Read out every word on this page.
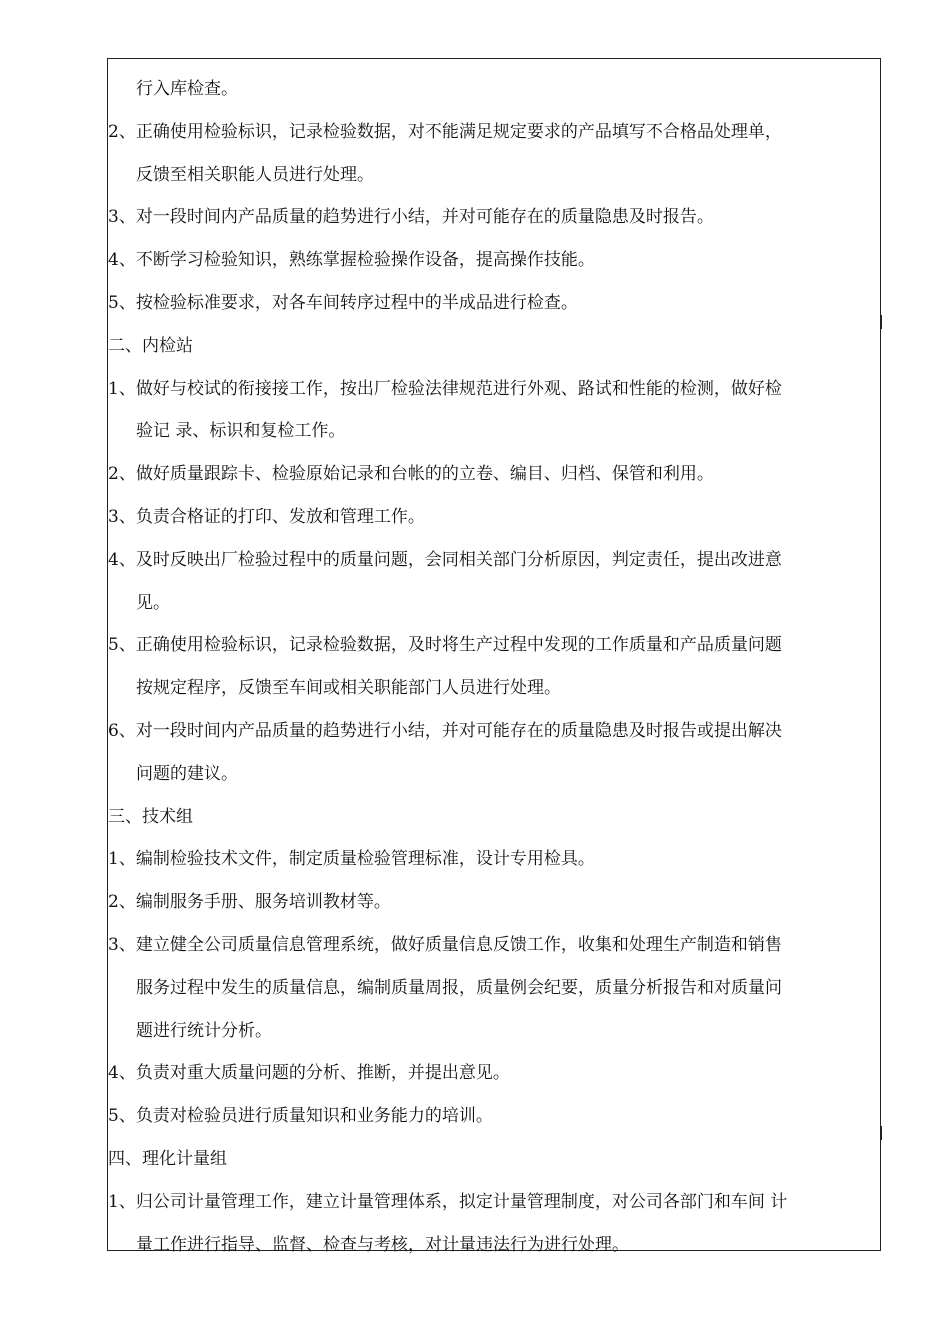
行入库检查。
2、正确使用检验标识，记录检验数据，对不能满足规定要求的产品填写不合格品处理单，
反馈至相关职能人员进行处理。
3、对一段时间内产品质量的趋势进行小结，并对可能存在的质量隐患及时报告。
4、不断学习检验知识，熟练掌握检验操作设备，提高操作技能。
5、按检验标准要求，对各车间转序过程中的半成品进行检查。
二、内检站
1、做好与校试的衔接接工作，按出厂检验法律规范进行外观、路试和性能的检测，做好检
验记 录、标识和复检工作。
2、做好质量跟踪卡、检验原始记录和台帐的的立卷、编目、归档、保管和利用。
3、负责合格证的打印、发放和管理工作。
4、及时反映出厂检验过程中的质量问题，会同相关部门分析原因，判定责任，提出改进意
见。
5、正确使用检验标识，记录检验数据，及时将生产过程中发现的工作质量和产品质量问题
按规定程序，反馈至车间或相关职能部门人员进行处理。
6、对一段时间内产品质量的趋势进行小结，并对可能存在的质量隐患及时报告或提出解决
问题的建议。
三、技术组
1、编制检验技术文件，制定质量检验管理标准，设计专用检具。
2、编制服务手册、服务培训教材等。
3、建立健全公司质量信息管理系统，做好质量信息反馈工作，收集和处理生产制造和销售
服务过程中发生的质量信息，编制质量周报，质量例会纪要，质量分析报告和对质量问
题进行统计分析。
4、负责对重大质量问题的分析、推断，并提出意见。
5、负责对检验员进行质量知识和业务能力的培训。
四、理化计量组
1、归公司计量管理工作，建立计量管理体系，拟定计量管理制度，对公司各部门和车间 计
量工作进行指导、监督、检查与考核，对计量违法行为进行处理。
